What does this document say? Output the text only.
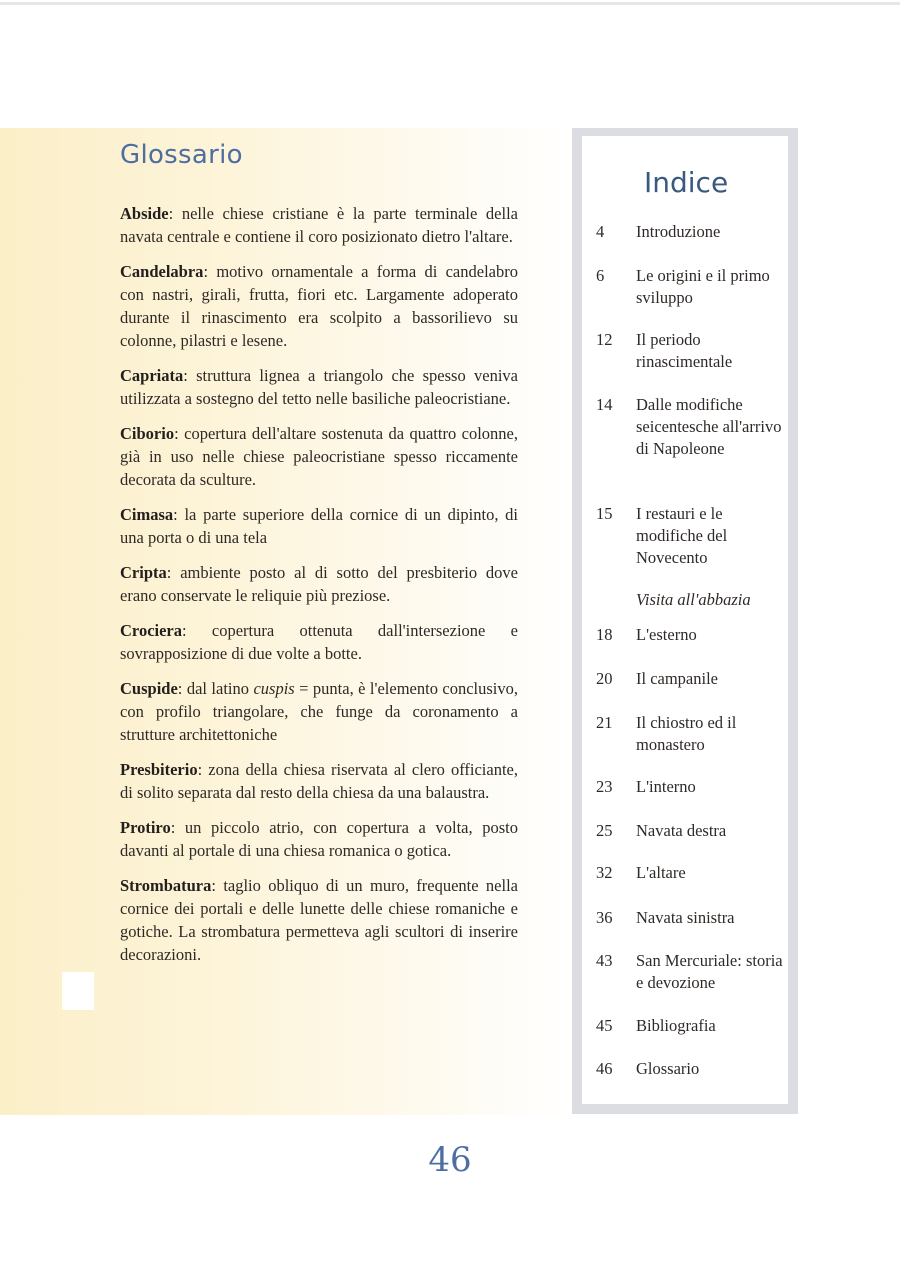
Glossario
Abside: nelle chiese cristiane è la parte terminale della navata centrale e contiene il coro posizionato dietro l'altare.
Candelabra: motivo ornamentale a forma di candelabro con nastri, girali, frutta, fiori etc. Largamente adoperato durante il rinascimento era scolpito a bassorilievo su colonne, pilastri e lesene.
Capriata: struttura lignea a triangolo che spesso veniva utilizzata a sostegno del tetto nelle basiliche paleocristiane.
Ciborio: copertura dell'altare sostenuta da quattro colonne, già in uso nelle chiese paleocristiane spesso riccamente decorata da sculture.
Cimasa: la parte superiore della cornice di un dipinto, di una porta o di una tela
Cripta: ambiente posto al di sotto del presbiterio dove erano conservate le reliquie più preziose.
Crociera: copertura ottenuta dall'intersezione e sovrapposizione di due volte a botte.
Cuspide: dal latino cuspis = punta, è l'elemento conclusivo, con profilo triangolare, che funge da coronamento a strutture architettoniche
Presbiterio: zona della chiesa riservata al clero officiante, di solito separata dal resto della chiesa da una balaustra.
Protiro: un piccolo atrio, con copertura a volta, posto davanti al portale di una chiesa romanica o gotica.
Strombatura: taglio obliquo di un muro, frequente nella cornice dei portali e delle lunette delle chiese romaniche e gotiche. La strombatura permetteva agli scultori di inserire decorazioni.
Indice
4	Introduzione
6	Le origini e il primo sviluppo
12	Il periodo rinascimentale
14	Dalle modifiche seicentesche all'arrivo di Napoleone
15	I restauri e le modifiche del Novecento
Visita all'abbazia
18	L'esterno
20	Il campanile
21	Il chiostro ed il monastero
23	L'interno
25	Navata destra
32	L'altare
36	Navata sinistra
43	San Mercuriale: storia e devozione
45	Bibliografia
46	Glossario
46
